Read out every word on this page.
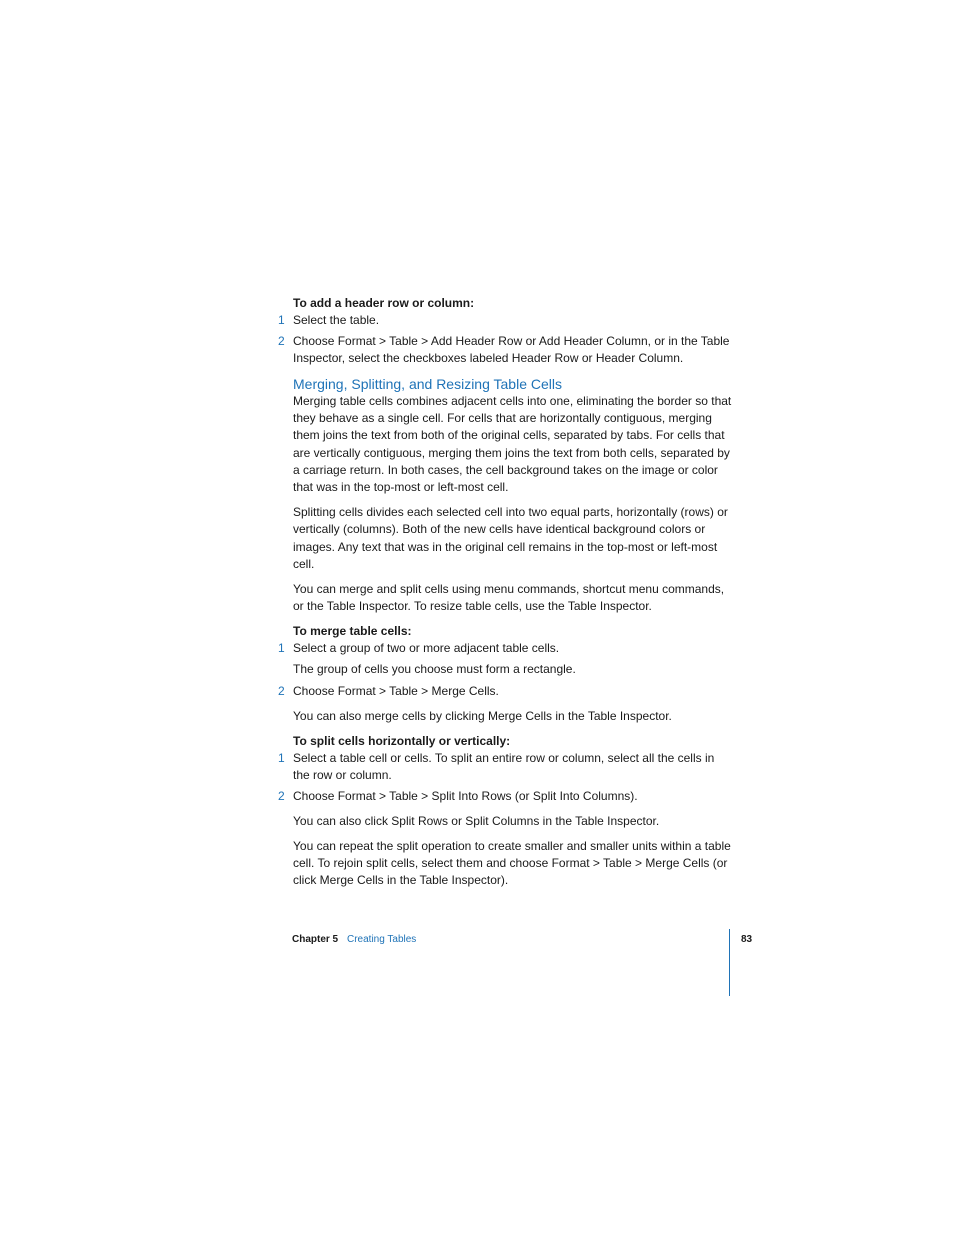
To add a header row or column:

1 Select the table.

2 Choose Format > Table > Add Header Row or Add Header Column, or in the Table Inspector, select the checkboxes labeled Header Row or Header Column.

Merging, Splitting, and Resizing Table Cells

Merging table cells combines adjacent cells into one, eliminating the border so that they behave as a single cell. For cells that are horizontally contiguous, merging them joins the text from both of the original cells, separated by tabs. For cells that are vertically contiguous, merging them joins the text from both cells, separated by a carriage return. In both cases, the cell background takes on the image or color that was in the top-most or left-most cell.

Splitting cells divides each selected cell into two equal parts, horizontally (rows) or vertically (columns). Both of the new cells have identical background colors or images. Any text that was in the original cell remains in the top-most or left-most cell.

You can merge and split cells using menu commands, shortcut menu commands, or the Table Inspector. To resize table cells, use the Table Inspector.

To merge table cells:

1 Select a group of two or more adjacent table cells.

The group of cells you choose must form a rectangle.

2 Choose Format > Table > Merge Cells.

You can also merge cells by clicking Merge Cells in the Table Inspector.

To split cells horizontally or vertically:

1 Select a table cell or cells. To split an entire row or column, select all the cells in the row or column.

2 Choose Format > Table > Split Into Rows (or Split Into Columns).

You can also click Split Rows or Split Columns in the Table Inspector.

You can repeat the split operation to create smaller and smaller units within a table cell. To rejoin split cells, select them and choose Format > Table > Merge Cells (or click Merge Cells in the Table Inspector).

Chapter 5 Creating Tables	83
